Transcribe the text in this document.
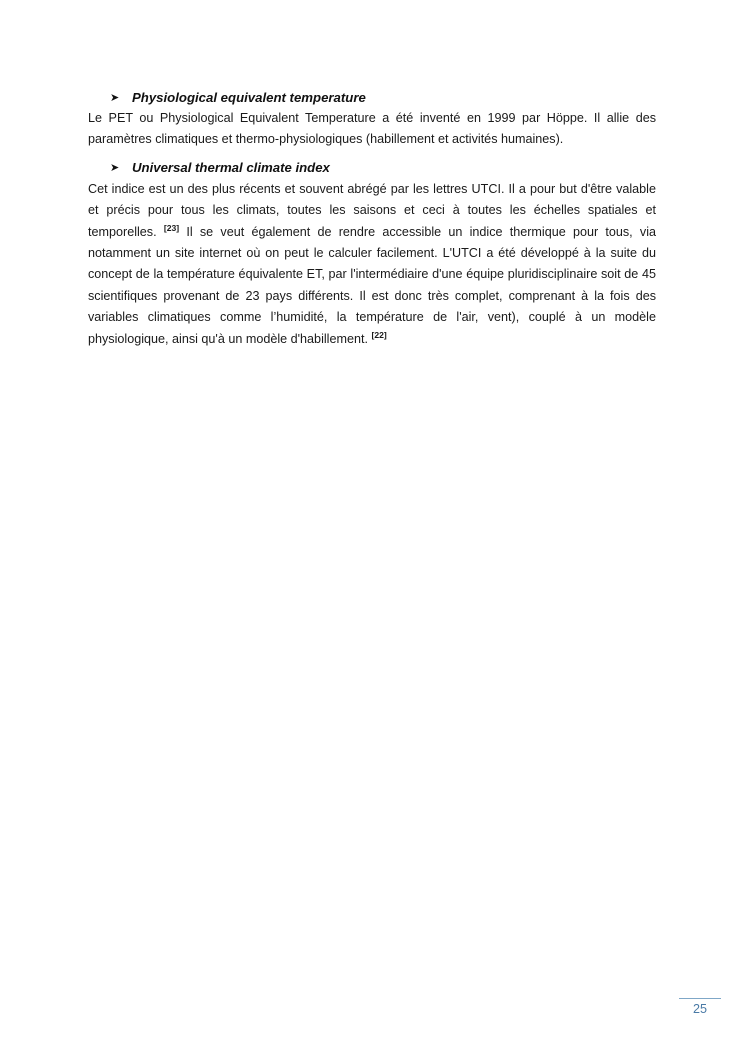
➤ Physiological equivalent temperature

Le PET ou Physiological Equivalent Temperature a été inventé en 1999 par Höppe. Il allie des paramètres climatiques et thermo-physiologiques (habillement et activités humaines).

➤ Universal thermal climate index

Cet indice est un des plus récents et souvent abrégé par les lettres UTCI. Il a pour but d'être valable et précis pour tous les climats, toutes les saisons et ceci à toutes les échelles spatiales et temporelles. [23] Il se veut également de rendre accessible un indice thermique pour tous, via notamment un site internet où on peut le calculer facilement. L'UTCI a été développé à la suite du concept de la température équivalente ET, par l'intermédiaire d'une équipe pluridisciplinaire soit de 45 scientifiques provenant de 23 pays différents. Il est donc très complet, comprenant à la fois des variables climatiques comme l’humidité, la température de l'air, vent), couplé à un modèle physiologique, ainsi qu'à un modèle d'habillement. [22]

25
